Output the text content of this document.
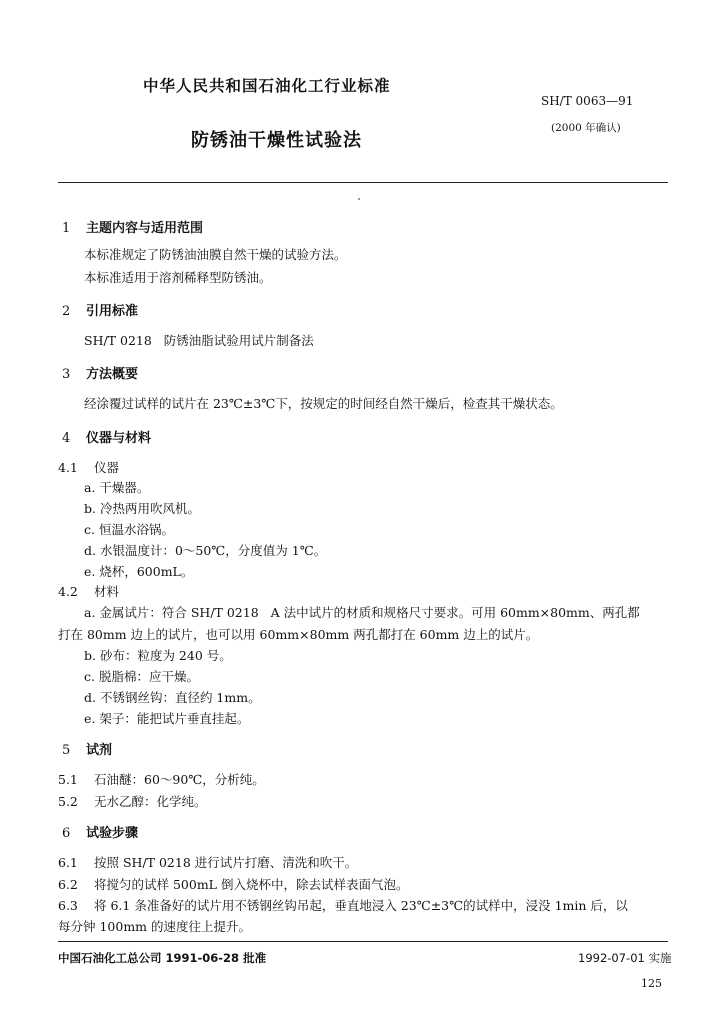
中华人民共和国石油化工行业标准
SH/T 0063—91
(2000 年确认)
防锈油干燥性试验法
1 主题内容与适用范围
本标准规定了防锈油油膜自然干燥的试验方法。
本标准适用于溶剂稀释型防锈油。
2 引用标准
SH/T 0218   防锈油脂试验用试片制备法
3 方法概要
经涂覆过试样的试片在 23℃±3℃下，按规定的时间经自然干燥后，检查其干燥状态。
4 仪器与材料
4.1 仪器
a. 干燥器。
b. 冷热两用吹风机。
c. 恒温水浴锅。
d. 水银温度计：0～50℃，分度值为 1℃。
e. 烧杯，600mL。
4.2 材料
a. 金属试片：符合 SH/T 0218   A 法中试片的材质和规格尺寸要求。可用 60mm×80mm、两孔都
打在 80mm 边上的试片，也可以用 60mm×80mm 两孔都打在 60mm 边上的试片。
b. 砂布：粒度为 240 号。
c. 脱脂棉：应干燥。
d. 不锈钢丝钩：直径约 1mm。
e. 架子：能把试片垂直挂起。
5 试剂
5.1 石油醚：60～90℃，分析纯。
5.2 无水乙醇：化学纯。
6 试验步骤
6.1 按照 SH/T 0218 进行试片打磨、清洗和吹干。
6.2 将搅匀的试样 500mL 倒入烧杯中，除去试样表面气泡。
6.3 将 6.1 条准备好的试片用不锈钢丝钩吊起，垂直地浸入 23℃±3℃的试样中，浸没 1min 后，以
每分钟 100mm 的速度往上提升。
中国石油化工总公司 1991-06-28 批准	1992-07-01 实施
125
